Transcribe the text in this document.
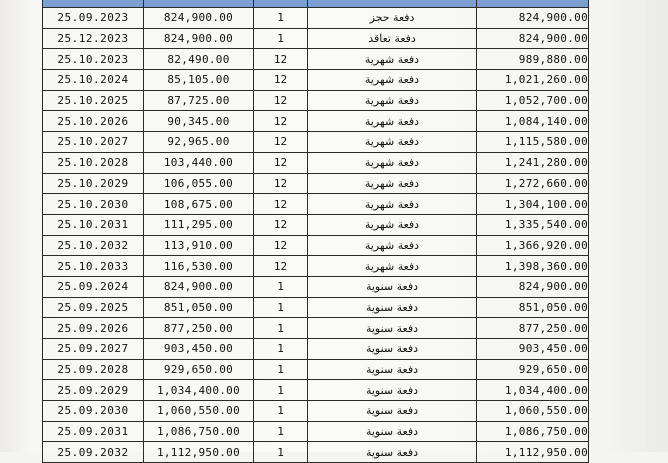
25.09.2023	824,900.00	1	دفعة حجز	824,900.00
25.12.2023	824,900.00	1	دفعة تعاقد	824,900.00
25.10.2023	82,490.00	12	دفعة شهرية	989,880.00
25.10.2024	85,105.00	12	دفعة شهرية	1,021,260.00
25.10.2025	87,725.00	12	دفعة شهرية	1,052,700.00
25.10.2026	90,345.00	12	دفعة شهرية	1,084,140.00
25.10.2027	92,965.00	12	دفعة شهرية	1,115,580.00
25.10.2028	103,440.00	12	دفعة شهرية	1,241,280.00
25.10.2029	106,055.00	12	دفعة شهرية	1,272,660.00
25.10.2030	108,675.00	12	دفعة شهرية	1,304,100.00
25.10.2031	111,295.00	12	دفعة شهرية	1,335,540.00
25.10.2032	113,910.00	12	دفعة شهرية	1,366,920.00
25.10.2033	116,530.00	12	دفعة شهرية	1,398,360.00
25.09.2024	824,900.00	1	دفعة سنوية	824,900.00
25.09.2025	851,050.00	1	دفعة سنوية	851,050.00
25.09.2026	877,250.00	1	دفعة سنوية	877,250.00
25.09.2027	903,450.00	1	دفعة سنوية	903,450.00
25.09.2028	929,650.00	1	دفعة سنوية	929,650.00
25.09.2029	1,034,400.00	1	دفعة سنوية	1,034,400.00
25.09.2030	1,060,550.00	1	دفعة سنوية	1,060,550.00
25.09.2031	1,086,750.00	1	دفعة سنوية	1,086,750.00
25.09.2032	1,112,950.00	1	دفعة سنوية	1,112,950.00
